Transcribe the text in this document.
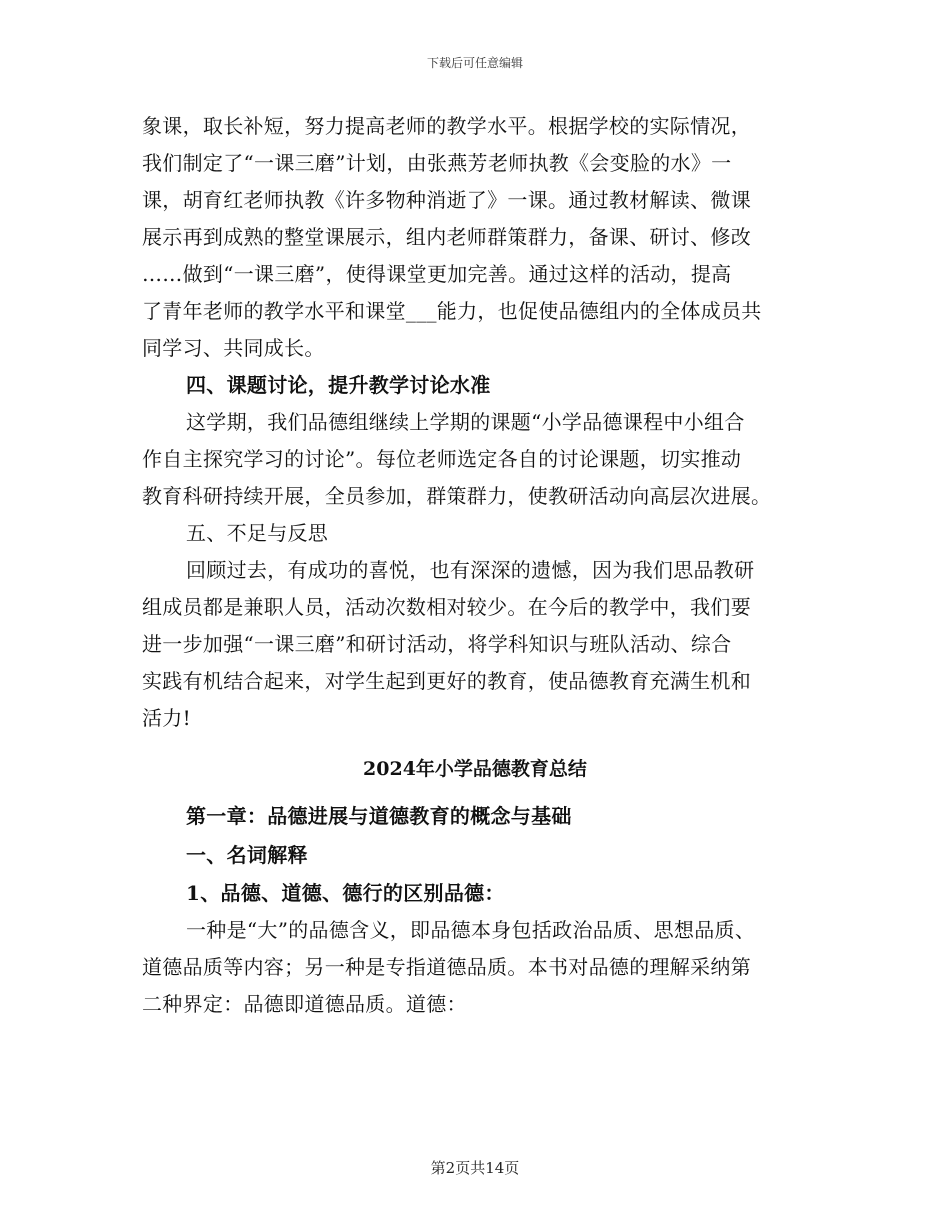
下载后可任意编辑
象课，取长补短，努力提高老师的教学水平。根据学校的实际情况，
我们制定了“一课三磨”计划，由张燕芳老师执教《会变脸的水》一
课，胡育红老师执教《许多物种消逝了》一课。通过教材解读、微课
展示再到成熟的整堂课展示，组内老师群策群力，备课、研讨、修改
……做到“一课三磨”，使得课堂更加完善。通过这样的活动，提高
了青年老师的教学水平和课堂___能力，也促使品德组内的全体成员共
同学习、共同成长。
四、课题讨论，提升教学讨论水准
这学期，我们品德组继续上学期的课题“小学品德课程中小组合
作自主探究学习的讨论”。每位老师选定各自的讨论课题，切实推动
教育科研持续开展，全员参加，群策群力，使教研活动向高层次进展。
五、不足与反思
回顾过去，有成功的喜悦，也有深深的遗憾，因为我们思品教研
组成员都是兼职人员，活动次数相对较少。在今后的教学中，我们要
进一步加强“一课三磨”和研讨活动，将学科知识与班队活动、综合
实践有机结合起来，对学生起到更好的教育，使品德教育充满生机和
活力!
2024年小学品德教育总结
第一章：品德进展与道德教育的概念与基础
一、名词解释
1、品德、道德、德行的区别品德：
一种是“大”的品德含义，即品德本身包括政治品质、思想品质、
道德品质等内容；另一种是专指道德品质。本书对品德的理解采纳第
二种界定：品德即道德品质。道德：
第2页共14页
